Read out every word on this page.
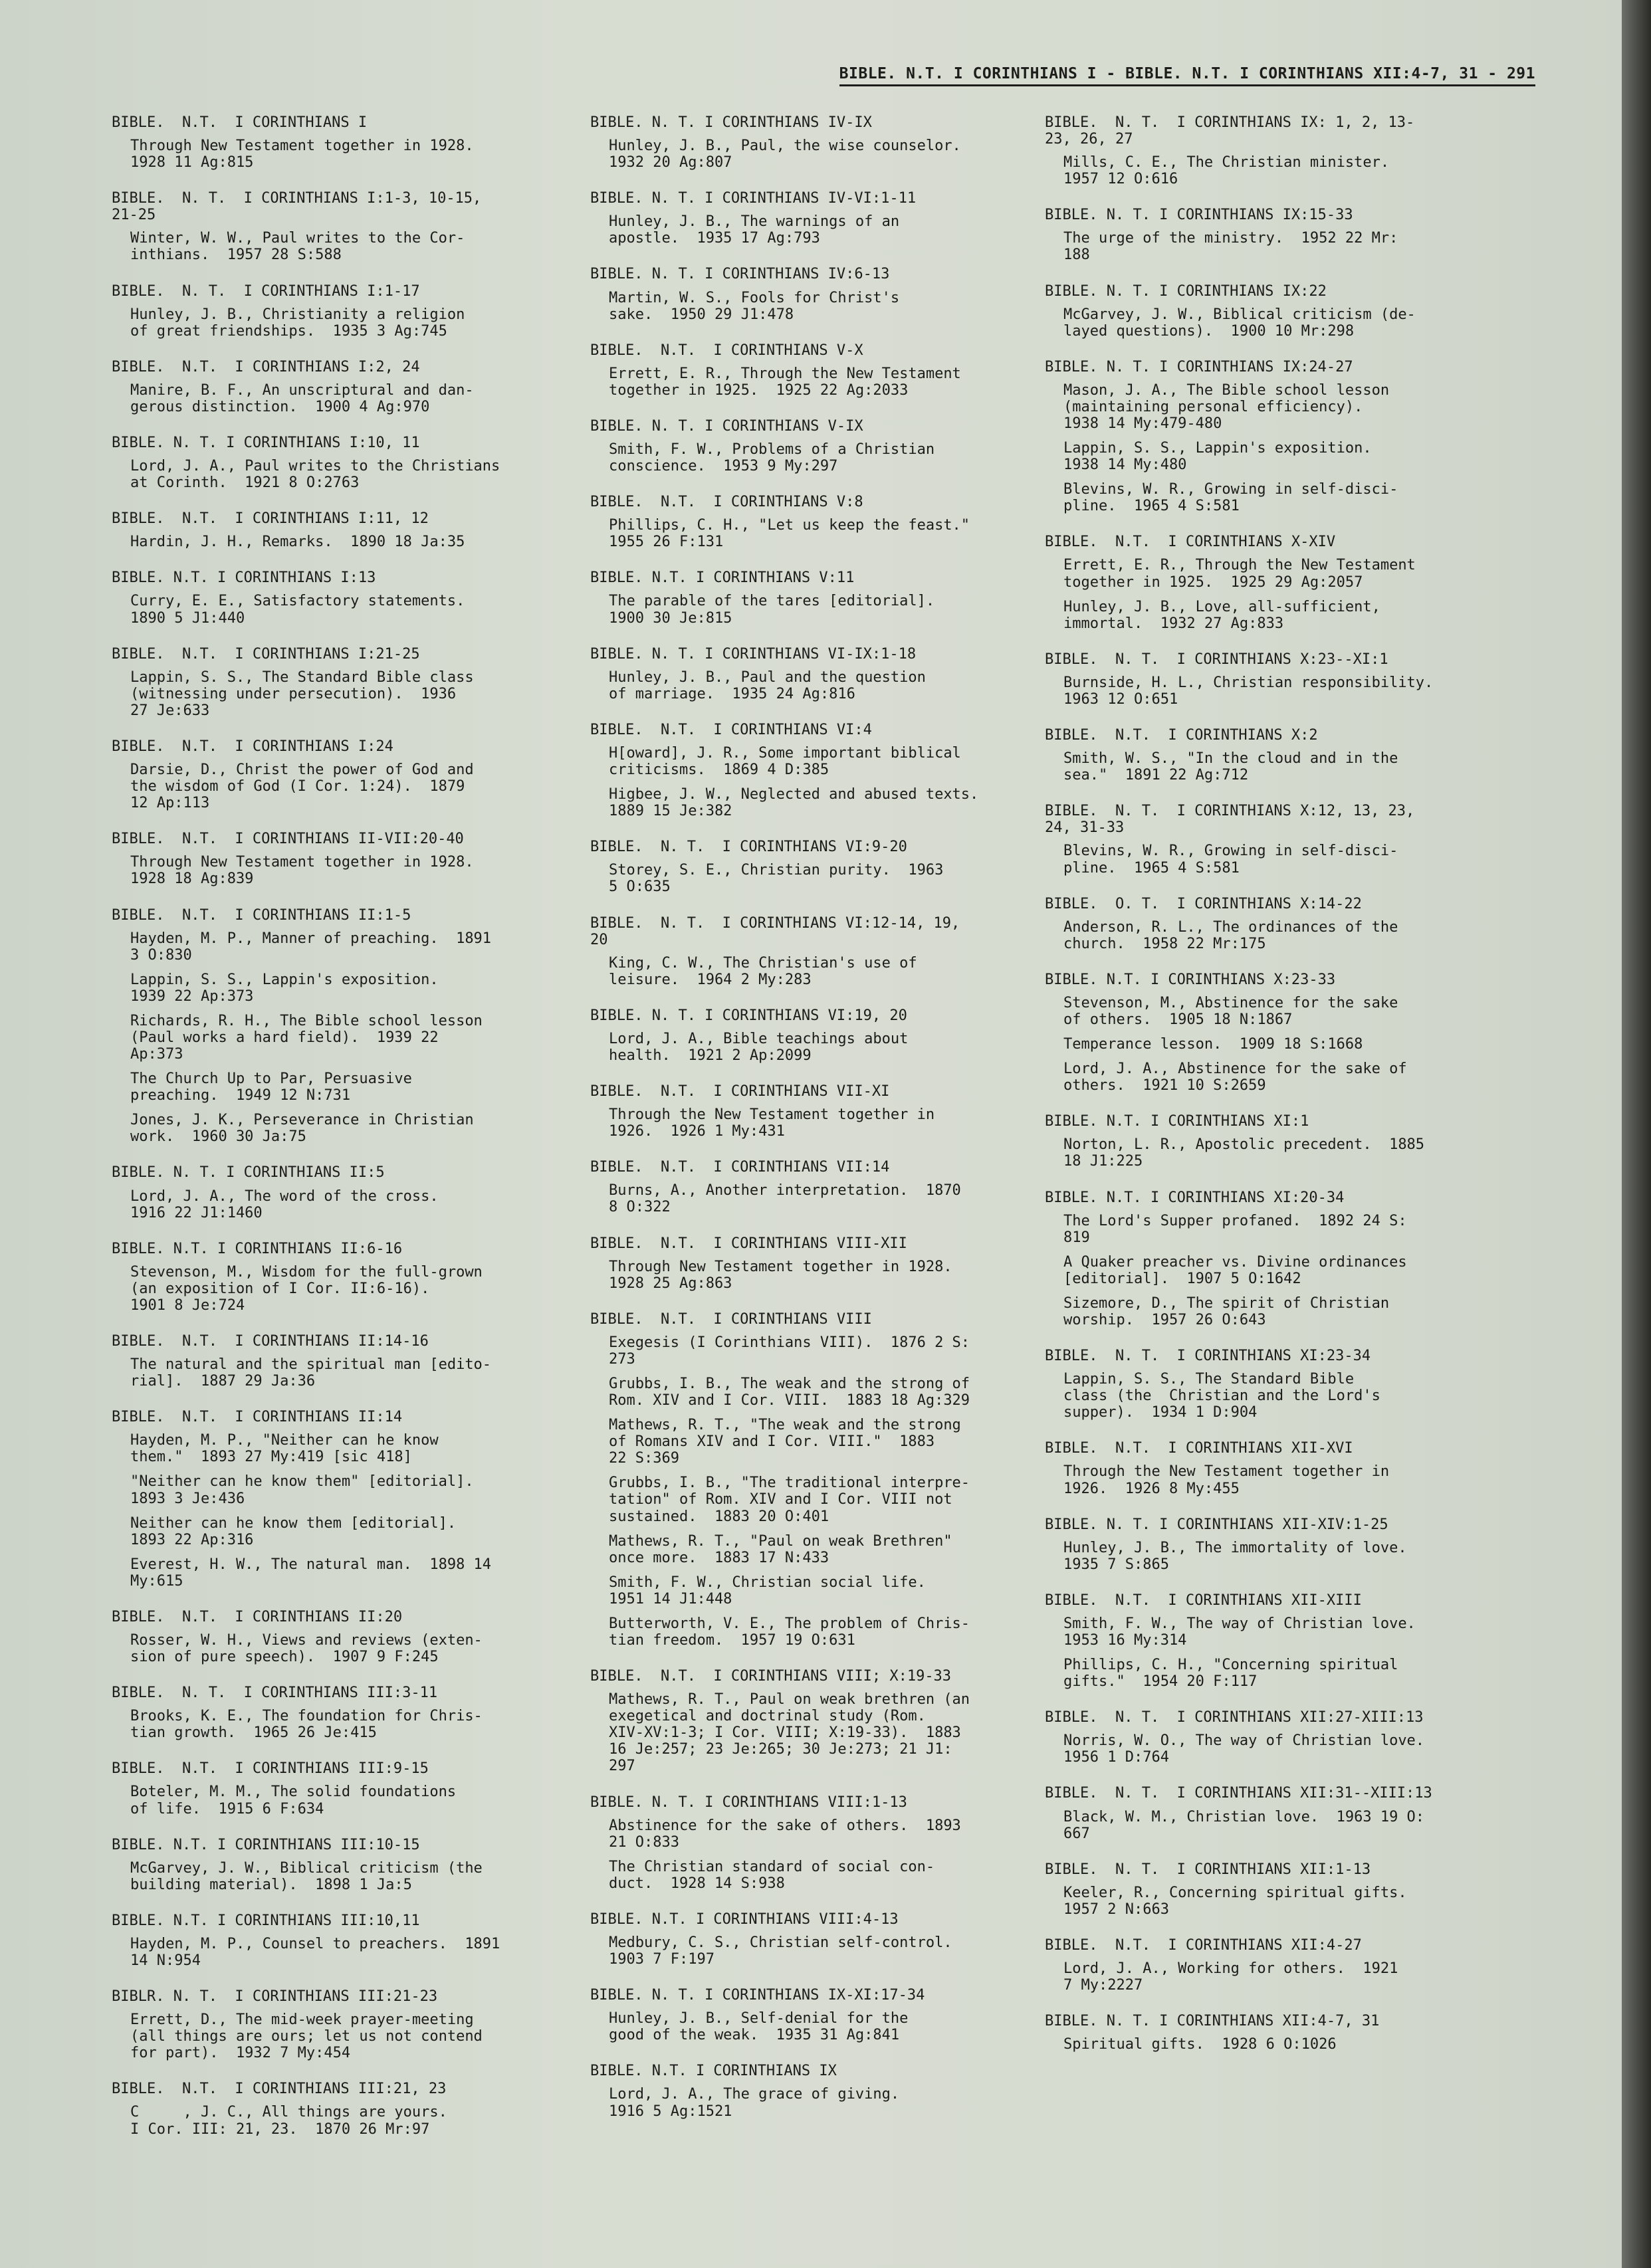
BIBLE. N.T. I CORINTHIANS I - BIBLE. N.T. I CORINTHIANS XII:4-7, 31 - 291
BIBLE.  N.T.  I CORINTHIANS I
Through New Testament together in 1928.
1928 11 Ag:815
BIBLE.  N. T.  I CORINTHIANS I:1-3, 10-15,
21-25
Winter, W. W., Paul writes to the Cor-
inthians.  1957 28 S:588
BIBLE.  N. T.  I CORINTHIANS I:1-17
Hunley, J. B., Christianity a religion
of great friendships.  1935 3 Ag:745
BIBLE.  N.T.  I CORINTHIANS I:2, 24
Manire, B. F., An unscriptural and dan-
gerous distinction.  1900 4 Ag:970
BIBLE. N. T. I CORINTHIANS I:10, 11
Lord, J. A., Paul writes to the Christians
at Corinth.  1921 8 O:2763
BIBLE.  N.T.  I CORINTHIANS I:11, 12
Hardin, J. H., Remarks.  1890 18 Ja:35
BIBLE. N.T. I CORINTHIANS I:13
Curry, E. E., Satisfactory statements.
1890 5 J1:440
BIBLE.  N.T.  I CORINTHIANS I:21-25
Lappin, S. S., The Standard Bible class
(witnessing under persecution).  1936
27 Je:633
BIBLE.  N.T.  I CORINTHIANS I:24
Darsie, D., Christ the power of God and
the wisdom of God (I Cor. 1:24).  1879
12 Ap:113
BIBLE.  N.T.  I CORINTHIANS II-VII:20-40
Through New Testament together in 1928.
1928 18 Ag:839
BIBLE.  N.T.  I CORINTHIANS II:1-5
Hayden, M. P., Manner of preaching.  1891
3 O:830
Lappin, S. S., Lappin's exposition.
1939 22 Ap:373
Richards, R. H., The Bible school lesson
(Paul works a hard field).  1939 22
Ap:373
The Church Up to Par, Persuasive
preaching.  1949 12 N:731
Jones, J. K., Perseverance in Christian
work.  1960 30 Ja:75
BIBLE. N. T. I CORINTHIANS II:5
Lord, J. A., The word of the cross.
1916 22 J1:1460
BIBLE. N.T. I CORINTHIANS II:6-16
Stevenson, M., Wisdom for the full-grown
(an exposition of I Cor. II:6-16).
1901 8 Je:724
BIBLE.  N.T.  I CORINTHIANS II:14-16
The natural and the spiritual man [edito-
rial].  1887 29 Ja:36
BIBLE.  N.T.  I CORINTHIANS II:14
Hayden, M. P., "Neither can he know
them."  1893 27 My:419 [sic 418]
"Neither can he know them" [editorial].
1893 3 Je:436
Neither can he know them [editorial].
1893 22 Ap:316
Everest, H. W., The natural man.  1898 14
My:615
BIBLE.  N.T.  I CORINTHIANS II:20
Rosser, W. H., Views and reviews (exten-
sion of pure speech).  1907 9 F:245
BIBLE.  N. T.  I CORINTHIANS III:3-11
Brooks, K. E., The foundation for Chris-
tian growth.  1965 26 Je:415
BIBLE.  N.T.  I CORINTHIANS III:9-15
Boteler, M. M., The solid foundations
of life.  1915 6 F:634
BIBLE. N.T. I CORINTHIANS III:10-15
McGarvey, J. W., Biblical criticism (the
building material).  1898 1 Ja:5
BIBLE. N.T. I CORINTHIANS III:10,11
Hayden, M. P., Counsel to preachers.  1891
14 N:954
BIBLR. N. T.  I CORINTHIANS III:21-23
Errett, D., The mid-week prayer-meeting
(all things are ours; let us not contend
for part).  1932 7 My:454
BIBLE.  N.T.  I CORINTHIANS III:21, 23
C     , J. C., All things are yours.
I Cor. III: 21, 23.  1870 26 Mr:97
BIBLE. N. T. I CORINTHIANS IV-IX
Hunley, J. B., Paul, the wise counselor.
1932 20 Ag:807
BIBLE. N. T. I CORINTHIANS IV-VI:1-11
Hunley, J. B., The warnings of an
apostle.  1935 17 Ag:793
BIBLE. N. T. I CORINTHIANS IV:6-13
Martin, W. S., Fools for Christ's
sake.  1950 29 J1:478
BIBLE.  N.T.  I CORINTHIANS V-X
Errett, E. R., Through the New Testament
together in 1925.  1925 22 Ag:2033
BIBLE. N. T. I CORINTHIANS V-IX
Smith, F. W., Problems of a Christian
conscience.  1953 9 My:297
BIBLE.  N.T.  I CORINTHIANS V:8
Phillips, C. H., "Let us keep the feast."
1955 26 F:131
BIBLE. N.T. I CORINTHIANS V:11
The parable of the tares [editorial].
1900 30 Je:815
BIBLE. N. T. I CORINTHIANS VI-IX:1-18
Hunley, J. B., Paul and the question
of marriage.  1935 24 Ag:816
BIBLE.  N.T.  I CORINTHIANS VI:4
H[oward], J. R., Some important biblical
criticisms.  1869 4 D:385
Higbee, J. W., Neglected and abused texts.
1889 15 Je:382
BIBLE.  N. T.  I CORINTHIANS VI:9-20
Storey, S. E., Christian purity.  1963
5 O:635
BIBLE.  N. T.  I CORINTHIANS VI:12-14, 19,
20
King, C. W., The Christian's use of
leisure.  1964 2 My:283
BIBLE. N. T. I CORINTHIANS VI:19, 20
Lord, J. A., Bible teachings about
health.  1921 2 Ap:2099
BIBLE.  N.T.  I CORINTHIANS VII-XI
Through the New Testament together in
1926.  1926 1 My:431
BIBLE.  N.T.  I CORINTHIANS VII:14
Burns, A., Another interpretation.  1870
8 O:322
BIBLE.  N.T.  I CORINTHIANS VIII-XII
Through New Testament together in 1928.
1928 25 Ag:863
BIBLE.  N.T.  I CORINTHIANS VIII
Exegesis (I Corinthians VIII).  1876 2 S:
273
Grubbs, I. B., The weak and the strong of
Rom. XIV and I Cor. VIII.  1883 18 Ag:329
Mathews, R. T., "The weak and the strong
of Romans XIV and I Cor. VIII."  1883
22 S:369
Grubbs, I. B., "The traditional interpre-
tation" of Rom. XIV and I Cor. VIII not
sustained.  1883 20 O:401
Mathews, R. T., "Paul on weak Brethren"
once more.  1883 17 N:433
Smith, F. W., Christian social life.
1951 14 J1:448
Butterworth, V. E., The problem of Chris-
tian freedom.  1957 19 O:631
BIBLE.  N.T.  I CORINTHIANS VIII; X:19-33
Mathews, R. T., Paul on weak brethren (an
exegetical and doctrinal study (Rom.
XIV-XV:1-3; I Cor. VIII; X:19-33).  1883
16 Je:257; 23 Je:265; 30 Je:273; 21 J1:
297
BIBLE. N. T. I CORINTHIANS VIII:1-13
Abstinence for the sake of others.  1893
21 O:833
The Christian standard of social con-
duct.  1928 14 S:938
BIBLE. N.T. I CORINTHIANS VIII:4-13
Medbury, C. S., Christian self-control.
1903 7 F:197
BIBLE. N. T. I CORINTHIANS IX-XI:17-34
Hunley, J. B., Self-denial for the
good of the weak.  1935 31 Ag:841
BIBLE. N.T. I CORINTHIANS IX
Lord, J. A., The grace of giving.
1916 5 Ag:1521
BIBLE.  N. T.  I CORINTHIANS IX: 1, 2, 13-
23, 26, 27
Mills, C. E., The Christian minister.
1957 12 O:616
BIBLE. N. T. I CORINTHIANS IX:15-33
The urge of the ministry.  1952 22 Mr:
188
BIBLE. N. T. I CORINTHIANS IX:22
McGarvey, J. W., Biblical criticism (de-
layed questions).  1900 10 Mr:298
BIBLE. N. T. I CORINTHIANS IX:24-27
Mason, J. A., The Bible school lesson
(maintaining personal efficiency).
1938 14 My:479-480
Lappin, S. S., Lappin's exposition.
1938 14 My:480
Blevins, W. R., Growing in self-disci-
pline.  1965 4 S:581
BIBLE.  N.T.  I CORINTHIANS X-XIV
Errett, E. R., Through the New Testament
together in 1925.  1925 29 Ag:2057
Hunley, J. B., Love, all-sufficient,
immortal.  1932 27 Ag:833
BIBLE.  N. T.  I CORINTHIANS X:23--XI:1
Burnside, H. L., Christian responsibility.
1963 12 O:651
BIBLE.  N.T.  I CORINTHIANS X:2
Smith, W. S., "In the cloud and in the
sea."  1891 22 Ag:712
BIBLE.  N. T.  I CORINTHIANS X:12, 13, 23,
24, 31-33
Blevins, W. R., Growing in self-disci-
pline.  1965 4 S:581
BIBLE.  O. T.  I CORINTHIANS X:14-22
Anderson, R. L., The ordinances of the
church.  1958 22 Mr:175
BIBLE. N.T. I CORINTHIANS X:23-33
Stevenson, M., Abstinence for the sake
of others.  1905 18 N:1867
Temperance lesson.  1909 18 S:1668
Lord, J. A., Abstinence for the sake of
others.  1921 10 S:2659
BIBLE. N.T. I CORINTHIANS XI:1
Norton, L. R., Apostolic precedent.  1885
18 J1:225
BIBLE. N.T. I CORINTHIANS XI:20-34
The Lord's Supper profaned.  1892 24 S:
819
A Quaker preacher vs. Divine ordinances
[editorial].  1907 5 O:1642
Sizemore, D., The spirit of Christian
worship.  1957 26 O:643
BIBLE.  N. T.  I CORINTHIANS XI:23-34
Lappin, S. S., The Standard Bible
class (the  Christian and the Lord's
supper).  1934 1 D:904
BIBLE.  N.T.  I CORINTHIANS XII-XVI
Through the New Testament together in
1926.  1926 8 My:455
BIBLE. N. T. I CORINTHIANS XII-XIV:1-25
Hunley, J. B., The immortality of love.
1935 7 S:865
BIBLE.  N.T.  I CORINTHIANS XII-XIII
Smith, F. W., The way of Christian love.
1953 16 My:314
Phillips, C. H., "Concerning spiritual
gifts."  1954 20 F:117
BIBLE.  N. T.  I CORINTHIANS XII:27-XIII:13
Norris, W. O., The way of Christian love.
1956 1 D:764
BIBLE.  N. T.  I CORINTHIANS XII:31--XIII:13
Black, W. M., Christian love.  1963 19 O:
667
BIBLE.  N. T.  I CORINTHIANS XII:1-13
Keeler, R., Concerning spiritual gifts.
1957 2 N:663
BIBLE.  N.T.  I CORINTHIANS XII:4-27
Lord, J. A., Working for others.  1921
7 My:2227
BIBLE. N. T. I CORINTHIANS XII:4-7, 31
Spiritual gifts.  1928 6 O:1026
